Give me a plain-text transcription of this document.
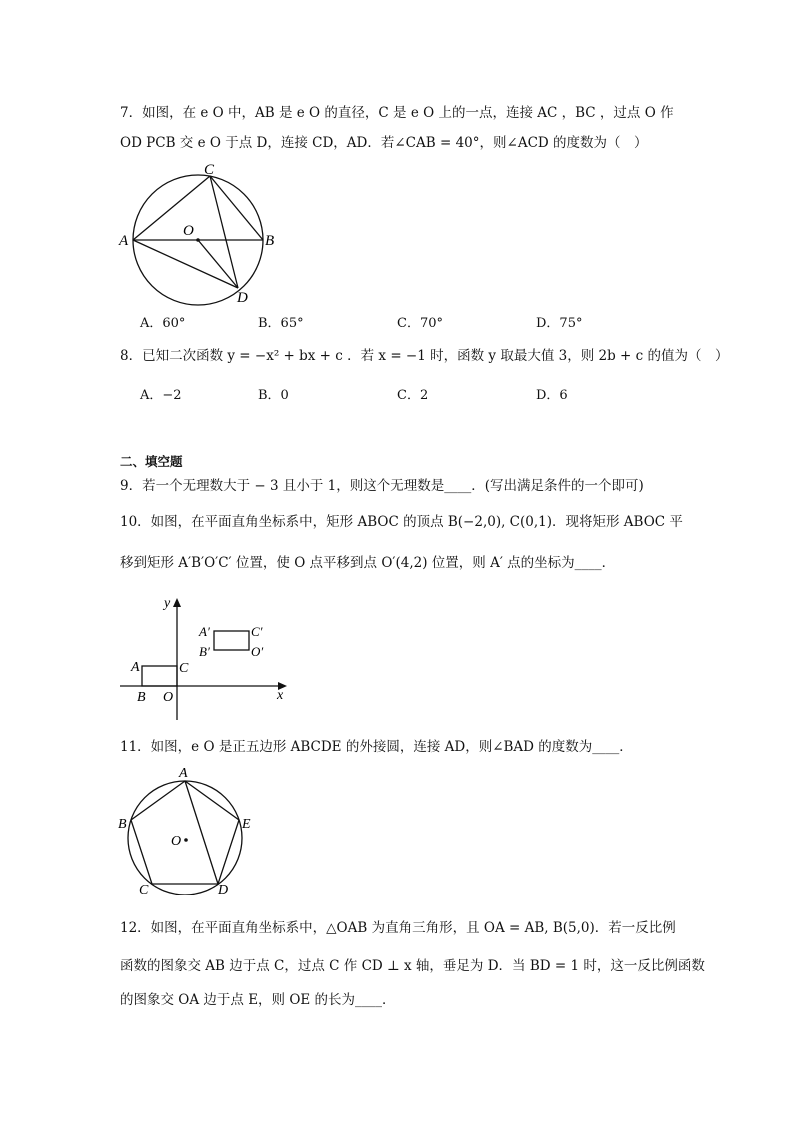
7．如图，在 e O 中，AB 是 e O 的直径，C 是 e O 上的一点，连接 AC ，BC ，过点 O 作
OD PCB 交 e O 于点 D，连接 CD，AD．若∠CAB = 40°，则∠ACD 的度数为（　）
C
A	B
O
D
A．60°	B．65°	C．70°	D．75°
8．已知二次函数 y = −x² + bx + c ．若 x = −1 时，函数 y 取最大值 3，则 2b + c 的值为（　）
A．−2	B．0	C．2	D．6
二、填空题
9．若一个无理数大于 − 3 且小于 1，则这个无理数是____．(写出满足条件的一个即可)
10．如图，在平面直角坐标系中，矩形 ABOC 的顶点 B(−2,0), C(0,1)．现将矩形 ABOC 平
移到矩形 A′B′O′C′ 位置，使 O 点平移到点 O′(4,2) 位置，则 A′ 点的坐标为____．
y
x
A	C
B O
A′
B′
C′
O′
11．如图，e O 是正五边形 ABCDE 的外接圆，连接 AD，则∠BAD 的度数为____．
A
B	E
C	D
O
12．如图，在平面直角坐标系中，△OAB 为直角三角形，且 OA = AB, B(5,0)．若一反比例
函数的图象交 AB 边于点 C，过点 C 作 CD ⊥ x 轴，垂足为 D．当 BD = 1 时，这一反比例函数
的图象交 OA 边于点 E，则 OE 的长为____．
